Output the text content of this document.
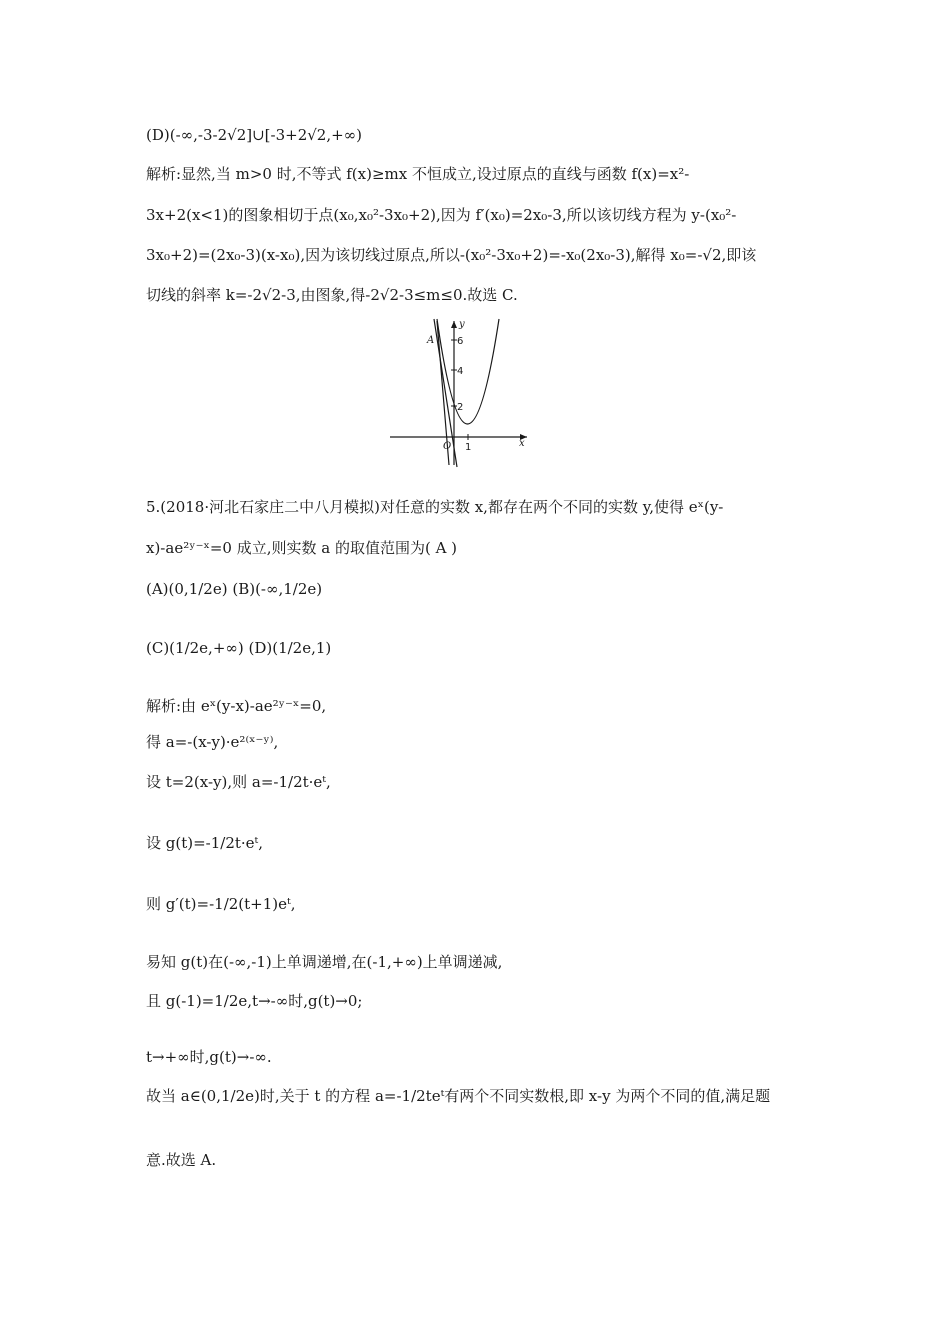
(D)(-∞,-3-2√2]∪[-3+2√2,+∞)
解析:显然,当 m>0 时,不等式 f(x)≥mx 不恒成立,设过原点的直线与函数 f(x)=x²-
3x+2(x<1)的图象相切于点(x₀,x₀²-3x₀+2),因为 f′(x₀)=2x₀-3,所以该切线方程为 y-(x₀²-
3x₀+2)=(2x₀-3)(x-x₀),因为该切线过原点,所以-(x₀²-3x₀+2)=-x₀(2x₀-3),解得 x₀=-√2,即该
切线的斜率 k=-2√2-3,由图象,得-2√2-3≤m≤0.故选 C.
5.(2018·河北石家庄二中八月模拟)对任意的实数 x,都存在两个不同的实数 y,使得 eˣ(y-
x)-ae²ʸ⁻ˣ=0 成立,则实数 a 的取值范围为( A )
(A)(0,1/2e) (B)(-∞,1/2e)
(C)(1/2e,+∞) (D)(1/2e,1)
解析:由 eˣ(y-x)-ae²ʸ⁻ˣ=0,
得 a=-(x-y)·e²⁽ˣ⁻ʸ⁾,
设 t=2(x-y),则 a=-1/2t·eᵗ,
设 g(t)=-1/2t·eᵗ,
则 g′(t)=-1/2(t+1)eᵗ,
易知 g(t)在(-∞,-1)上单调递增,在(-1,+∞)上单调递减,
且 g(-1)=1/2e,t→-∞时,g(t)→0;
t→+∞时,g(t)→-∞.
故当 a∈(0,1/2e)时,关于 t 的方程 a=-1/2teᵗ有两个不同实数根,即 x-y 为两个不同的值,满足题
意.故选 A.
x
y
O
A
1
2
4
6
